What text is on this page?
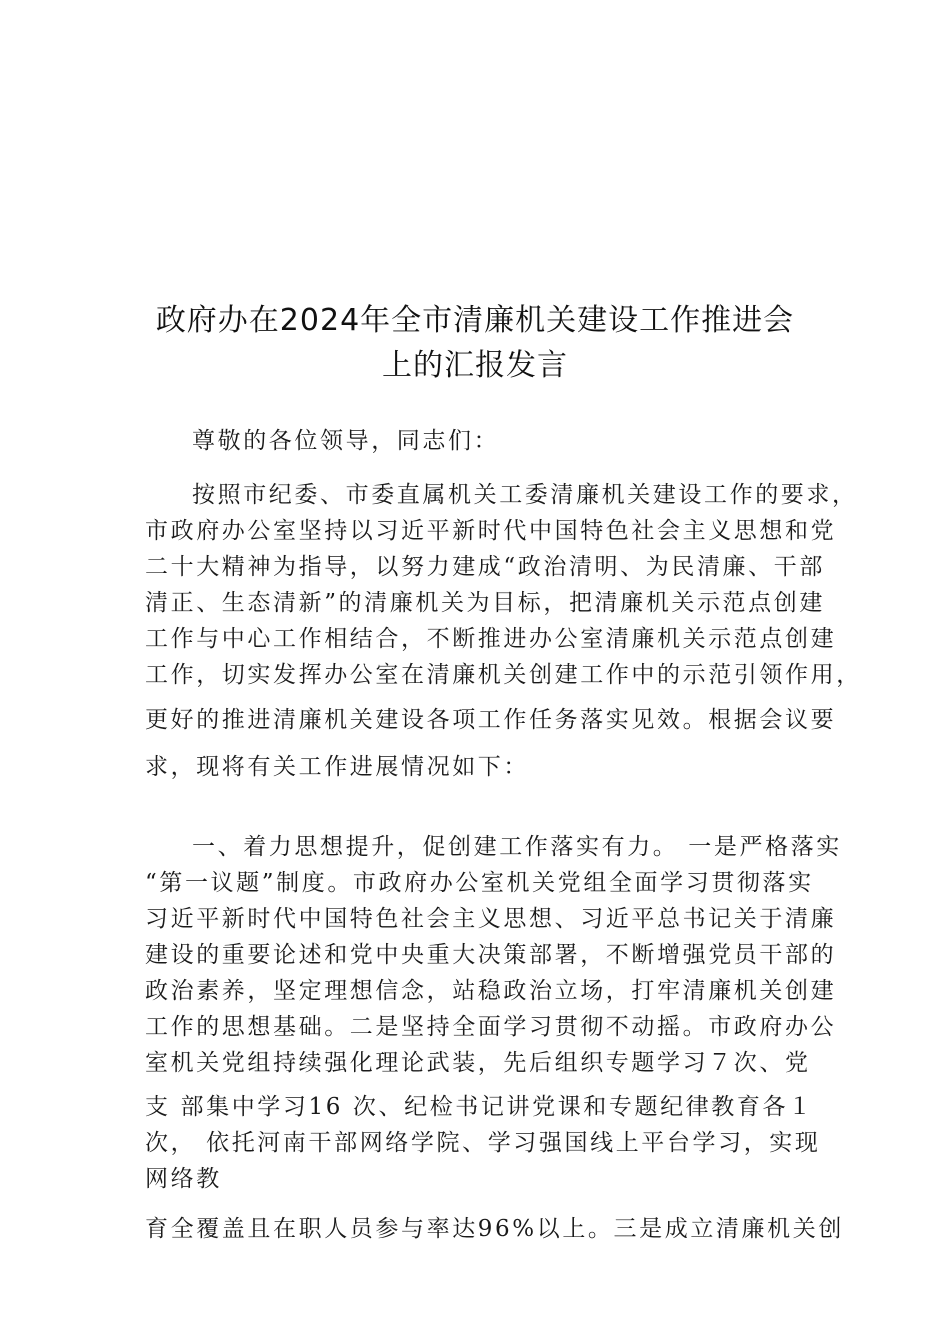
政府办在2024年全市清廉机关建设工作推进会
上的汇报发言
尊敬的各位领导，同志们：
按照市纪委、市委直属机关工委清廉机关建设工作的要求，
市政府办公室坚持以习近平新时代中国特色社会主义思想和党
二十大精神为指导，以努力建成“政治清明、为民清廉、干部
清正、生态清新”的清廉机关为目标，把清廉机关示范点创建
工作与中心工作相结合，不断推进办公室清廉机关示范点创建
工作，切实发挥办公室在清廉机关创建工作中的示范引领作用，
更好的推进清廉机关建设各项工作任务落实见效。根据会议要
求，现将有关工作进展情况如下：
一、着力思想提升，促创建工作落实有力。 一是严格落实
“第一议题”制度。市政府办公室机关党组全面学习贯彻落实
习近平新时代中国特色社会主义思想、习近平总书记关于清廉
建设的重要论述和党中央重大决策部署，不断增强党员干部的
政治素养，坚定理想信念，站稳政治立场，打牢清廉机关创建
工作的思想基础。二是坚持全面学习贯彻不动摇。市政府办公
室机关党组持续强化理论武装，先后组织专题学习７次、党
支 部集中学习16 次、纪检书记讲党课和专题纪律教育各１
次， 依托河南干部网络学院、学习强国线上平台学习，实现
网络教
育全覆盖且在职人员参与率达96%以上。三是成立清廉机关创
